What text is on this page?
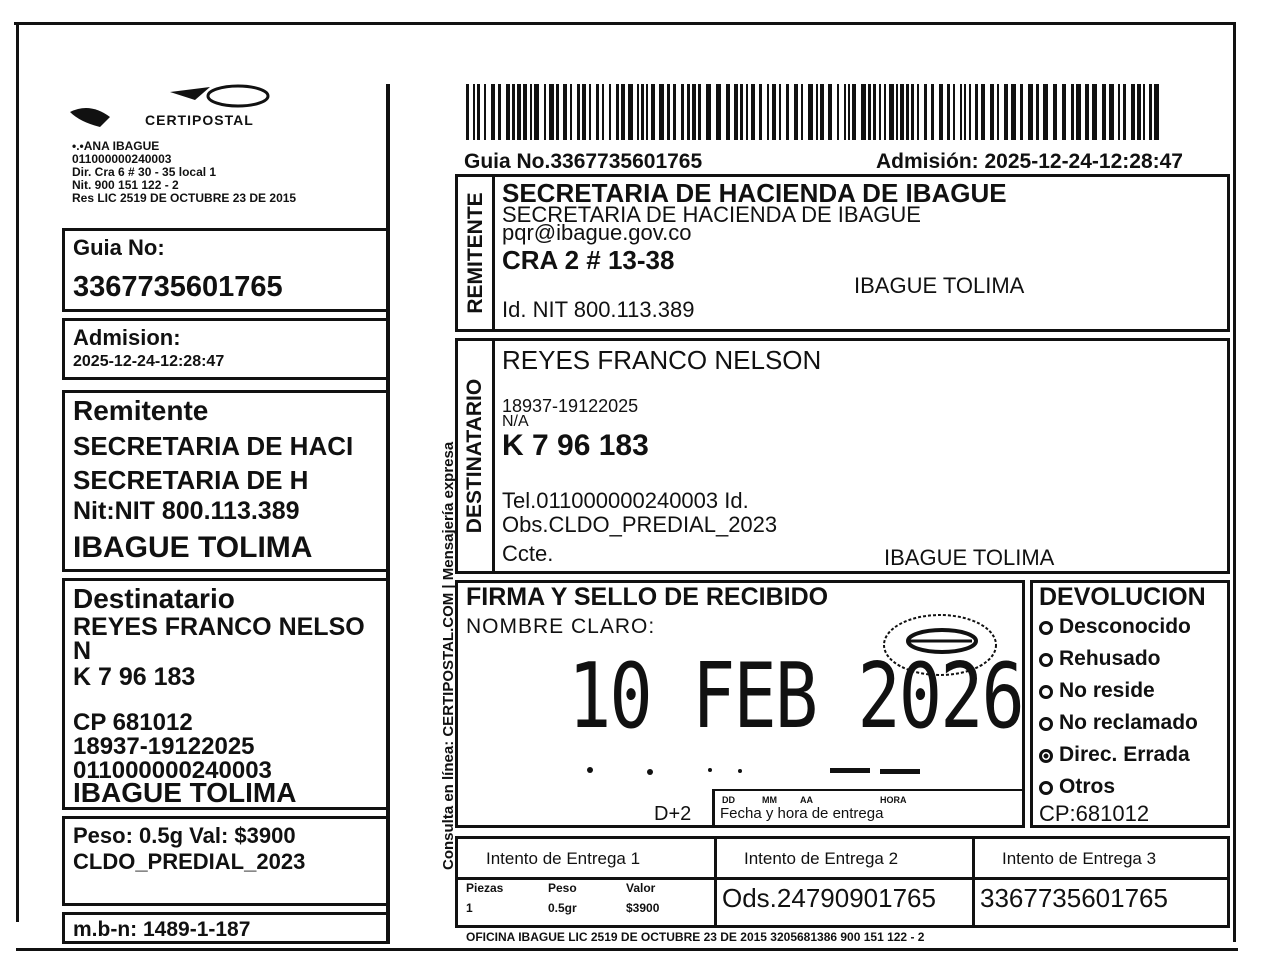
CERTIPOSTAL
•.•ANA IBAGUE
011000000240003
Dir. Cra 6 # 30 - 35 local 1
Nit. 900 151 122 - 2
Res LIC 2519 DE OCTUBRE 23 DE 2015
Guia No:
3367735601765
Admision:
2025-12-24-12:28:47
Remitente
SECRETARIA DE HACI
SECRETARIA DE H
Nit:NIT 800.113.389
IBAGUE TOLIMA
Destinatario
REYES FRANCO NELSO
N
K 7 96 183
CP 681012
18937-19122025
011000000240003
IBAGUE TOLIMA
Peso: 0.5g Val: $3900
CLDO_PREDIAL_2023
m.b-n: 1489-1-187
Consulta en línea: CERTIPOSTAL.COM | Mensajería expresa
Guia No.3367735601765	Admisión: 2025-12-24-12:28:47
REMITENTE SECRETARIA DE HACIENDA DE IBAGUE
SECRETARIA DE HACIENDA DE IBAGUE
pqr@ibague.gov.co
CRA 2 # 13-38
IBAGUE TOLIMA
Id. NIT 800.113.389
DESTINATARIO
REYES FRANCO NELSON
18937-19122025
N/A
K 7 96 183
Tel.011000000240003 Id.
Obs.CLDO_PREDIAL_2023
Ccte.	IBAGUE TOLIMA
FIRMA Y SELLO DE RECIBIDO
NOMBRE CLARO:
10 FEB 2026
D+2
DD	MM	AA	HORA
Fecha y hora de entrega
DEVOLUCION
Desconocido
Rehusado
No reside
No reclamado
Direc. Errada
Otros
CP:681012
Intento de Entrega 1	Intento de Entrega 2	Intento de Entrega 3
Piezas	Peso	Valor
1	0.5gr	$3900 Ods.24790901765 3367735601765
OFICINA IBAGUE LIC 2519 DE OCTUBRE 23 DE 2015 3205681386 900 151 122 - 2
